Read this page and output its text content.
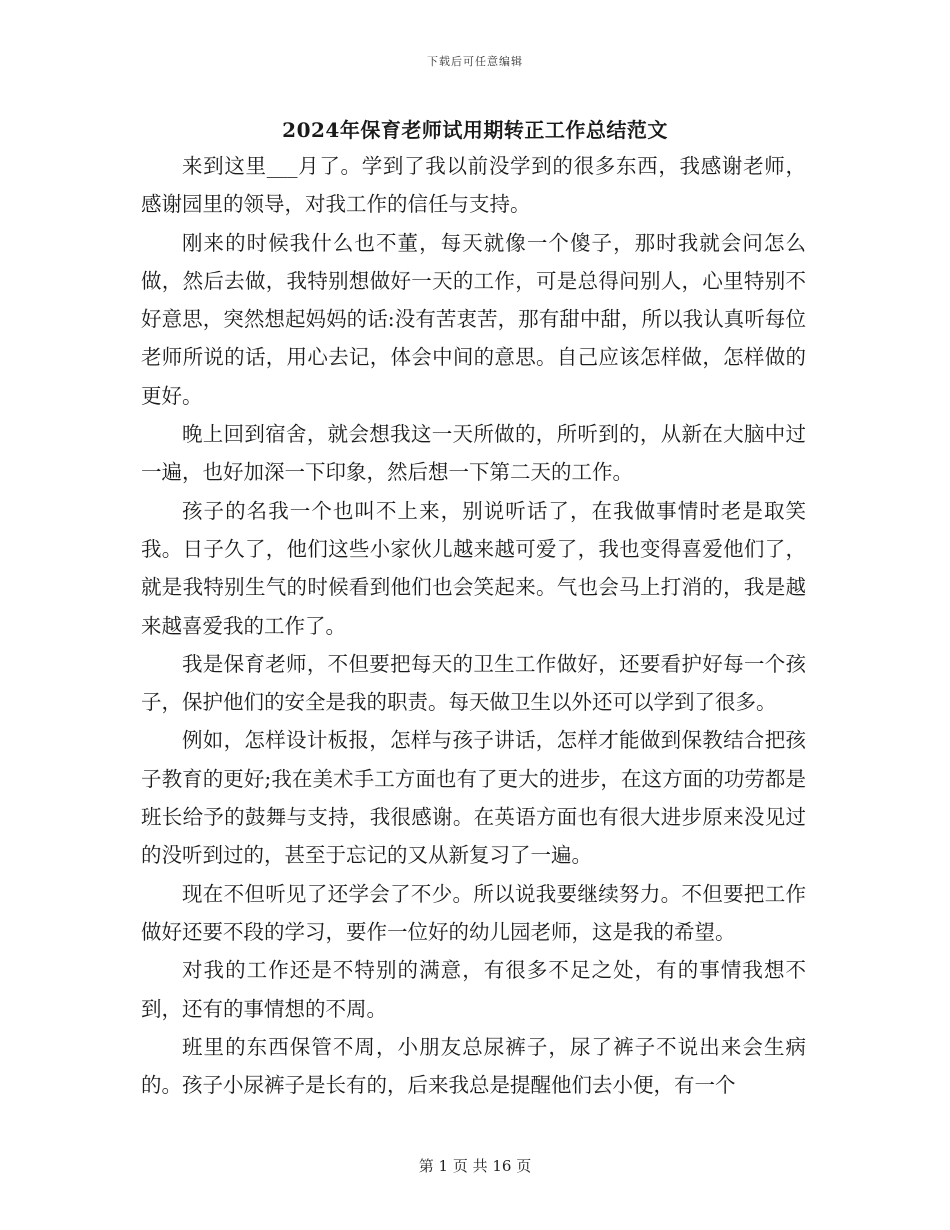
下载后可任意编辑
2024年保育老师试用期转正工作总结范文

来到这里___月了。学到了我以前没学到的很多东西，我感谢老师，感谢园里的领导，对我工作的信任与支持。

刚来的时候我什么也不董，每天就像一个傻子，那时我就会问怎么做，然后去做，我特别想做好一天的工作，可是总得问别人，心里特别不好意思，突然想起妈妈的话:没有苦衷苦，那有甜中甜，所以我认真听每位老师所说的话，用心去记，体会中间的意思。自己应该怎样做，怎样做的更好。

晚上回到宿舍，就会想我这一天所做的，所听到的，从新在大脑中过一遍，也好加深一下印象，然后想一下第二天的工作。

孩子的名我一个也叫不上来，别说听话了，在我做事情时老是取笑我。日子久了，他们这些小家伙儿越来越可爱了，我也变得喜爱他们了，就是我特别生气的时候看到他们也会笑起来。气也会马上打消的，我是越来越喜爱我的工作了。

我是保育老师，不但要把每天的卫生工作做好，还要看护好每一个孩子，保护他们的安全是我的职责。每天做卫生以外还可以学到了很多。

例如，怎样设计板报，怎样与孩子讲话，怎样才能做到保教结合把孩子教育的更好;我在美术手工方面也有了更大的进步，在这方面的功劳都是班长给予的鼓舞与支持，我很感谢。在英语方面也有很大进步原来没见过的没听到过的，甚至于忘记的又从新复习了一遍。

现在不但听见了还学会了不少。所以说我要继续努力。不但要把工作做好还要不段的学习，要作一位好的幼儿园老师，这是我的希望。

对我的工作还是不特别的满意，有很多不足之处，有的事情我想不到，还有的事情想的不周。

班里的东西保管不周，小朋友总尿裤子，尿了裤子不说出来会生病的。孩子小尿裤子是长有的，后来我总是提醒他们去小便，有一个

第 1 页 共 16 页
